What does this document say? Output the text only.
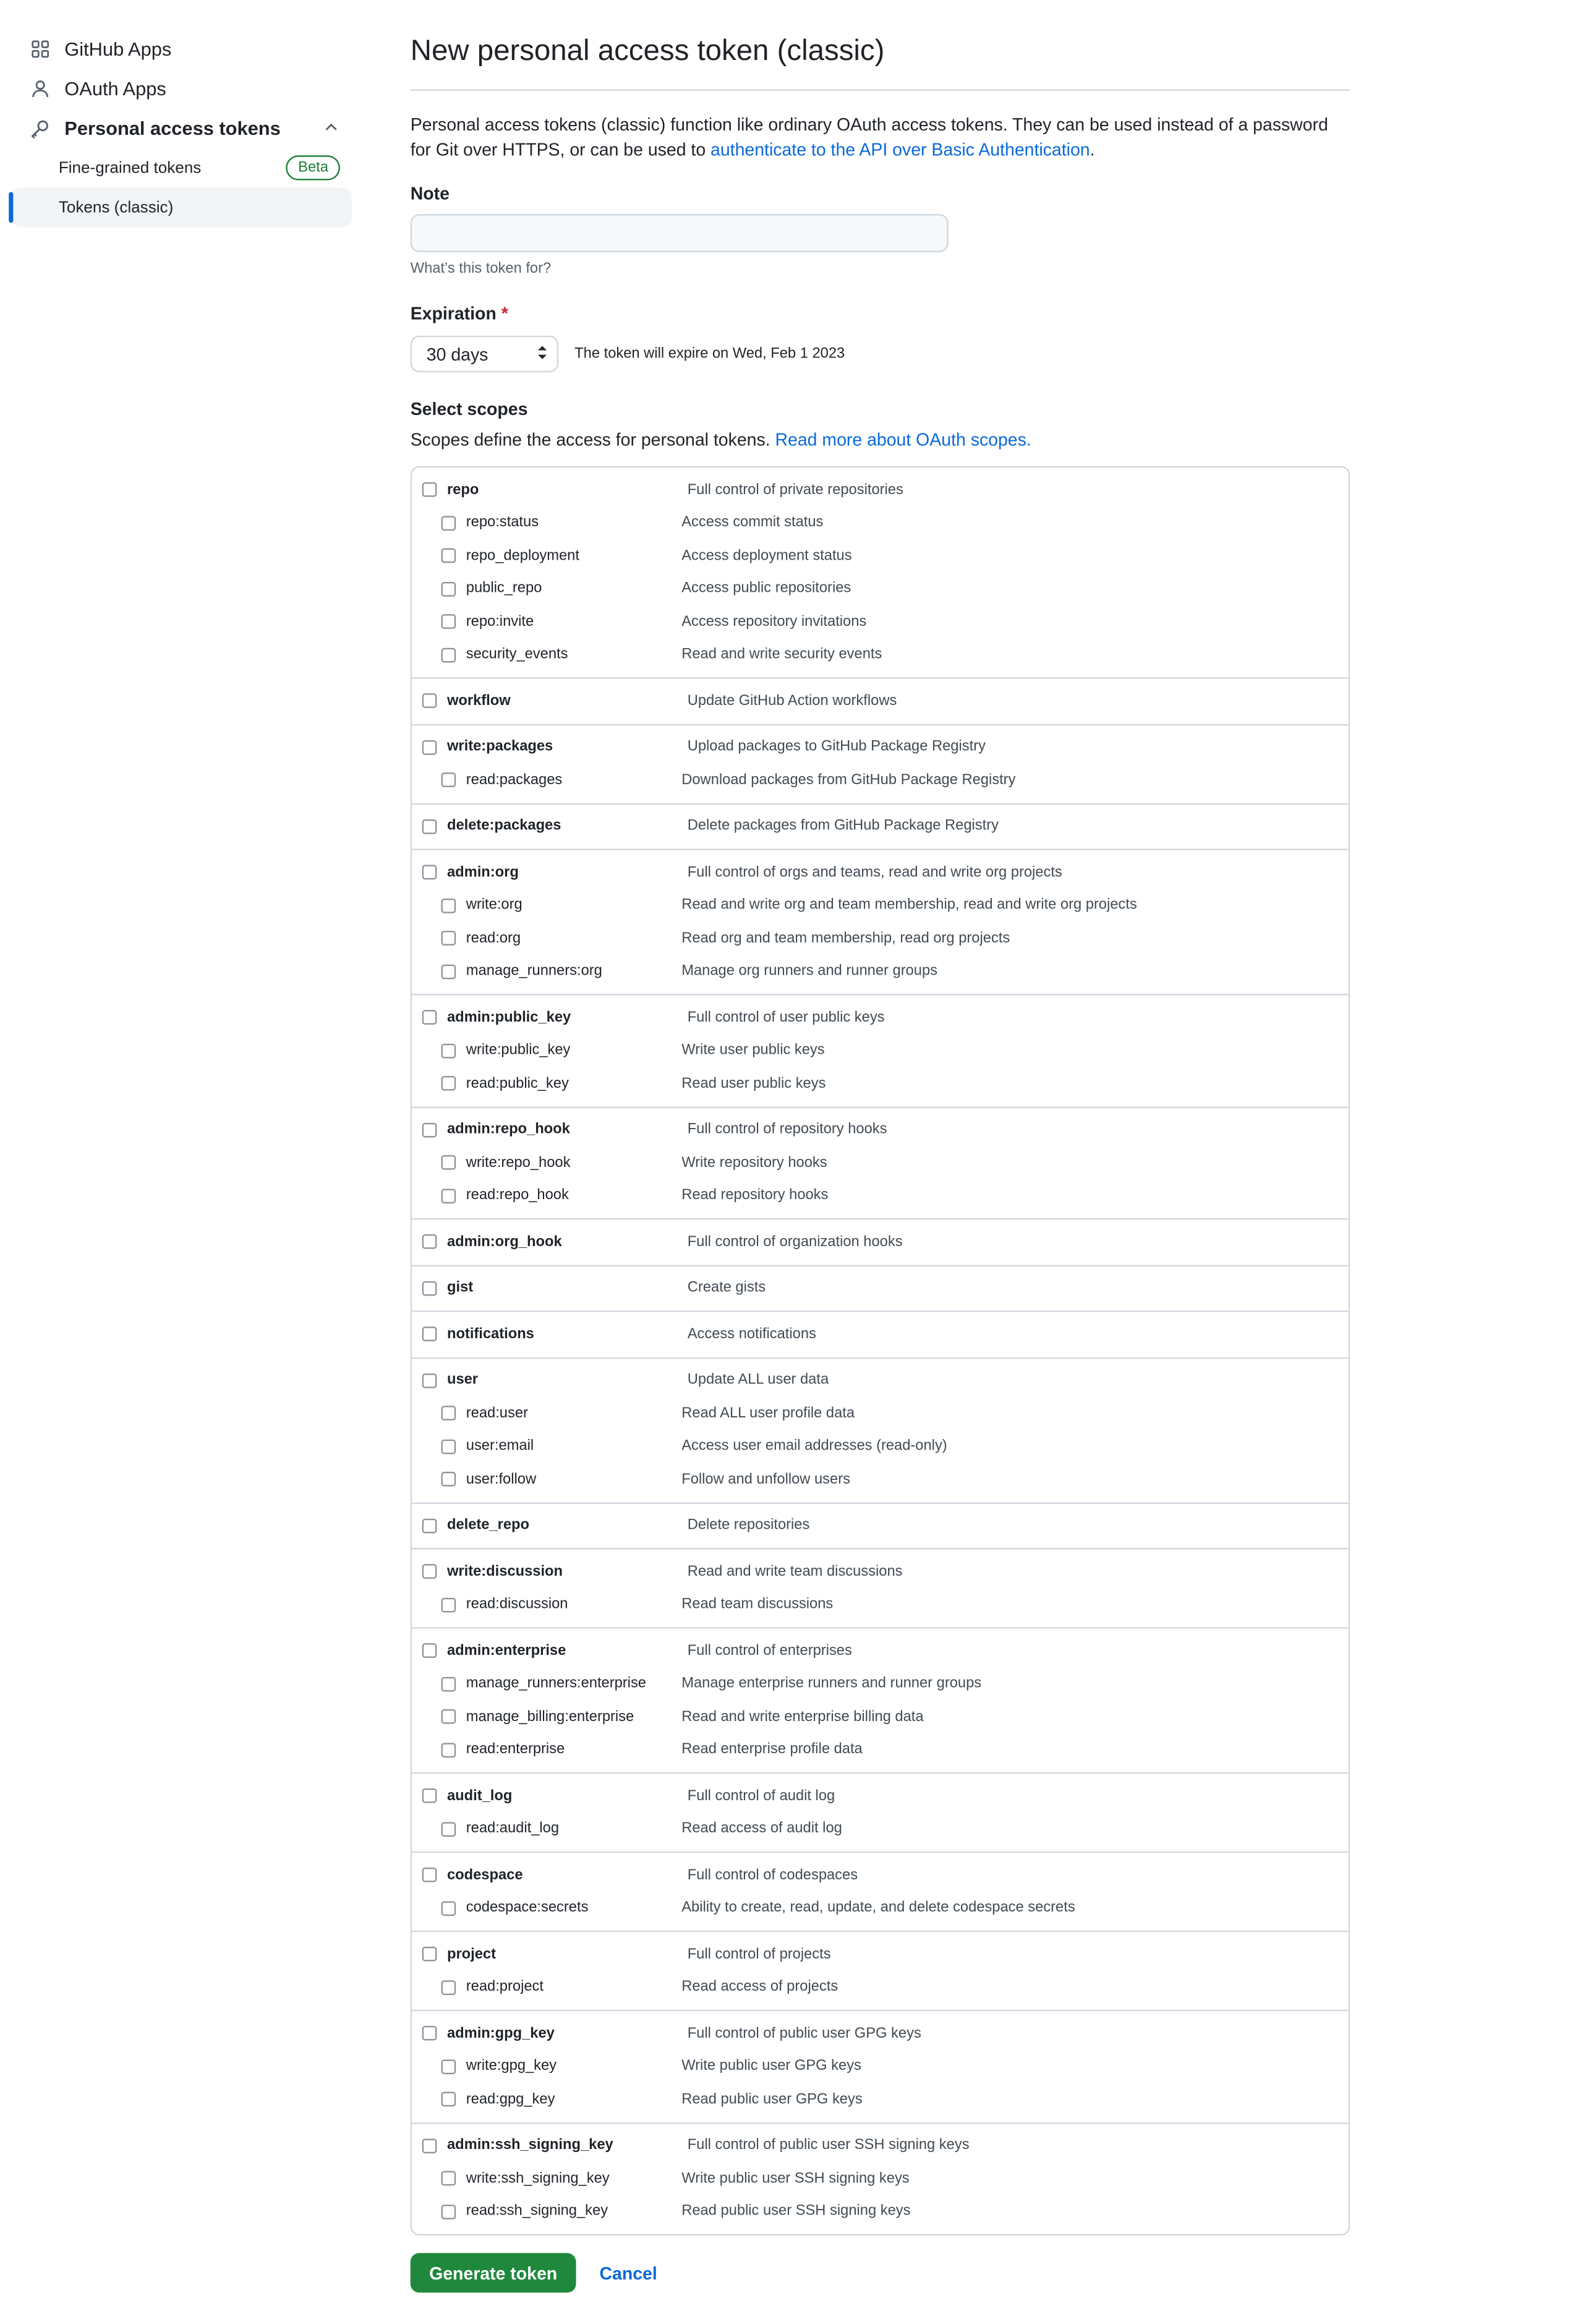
GitHub Apps
OAuth Apps
Personal access tokens
Fine-grained tokens	Beta
Tokens (classic)
New personal access token (classic)
Personal access tokens (classic) function like ordinary OAuth access tokens. They can be used instead of a password for Git over HTTPS, or can be used to authenticate to the API over Basic Authentication.
Note
What’s this token for?
Expiration *
30 days	The token will expire on Wed, Feb 1 2023
Select scopes
Scopes define the access for personal tokens. Read more about OAuth scopes.
repo	Full control of private repositories
repo:status	Access commit status
repo_deployment	Access deployment status
public_repo	Access public repositories
repo:invite	Access repository invitations
security_events	Read and write security events
workflow	Update GitHub Action workflows
write:packages	Upload packages to GitHub Package Registry
read:packages	Download packages from GitHub Package Registry
delete:packages	Delete packages from GitHub Package Registry
admin:org	Full control of orgs and teams, read and write org projects
write:org	Read and write org and team membership, read and write org projects
read:org	Read org and team membership, read org projects
manage_runners:org	Manage org runners and runner groups
admin:public_key	Full control of user public keys
write:public_key	Write user public keys
read:public_key	Read user public keys
admin:repo_hook	Full control of repository hooks
write:repo_hook	Write repository hooks
read:repo_hook	Read repository hooks
admin:org_hook	Full control of organization hooks
gist	Create gists
notifications	Access notifications
user	Update ALL user data
read:user	Read ALL user profile data
user:email	Access user email addresses (read-only)
user:follow	Follow and unfollow users
delete_repo	Delete repositories
write:discussion	Read and write team discussions
read:discussion	Read team discussions
admin:enterprise	Full control of enterprises
manage_runners:enterprise	Manage enterprise runners and runner groups
manage_billing:enterprise	Read and write enterprise billing data
read:enterprise	Read enterprise profile data
audit_log	Full control of audit log
read:audit_log	Read access of audit log
codespace	Full control of codespaces
codespace:secrets	Ability to create, read, update, and delete codespace secrets
project	Full control of projects
read:project	Read access of projects
admin:gpg_key	Full control of public user GPG keys
write:gpg_key	Write public user GPG keys
read:gpg_key	Read public user GPG keys
admin:ssh_signing_key	Full control of public user SSH signing keys
write:ssh_signing_key	Write public user SSH signing keys
read:ssh_signing_key	Read public user SSH signing keys
Generate token	Cancel
